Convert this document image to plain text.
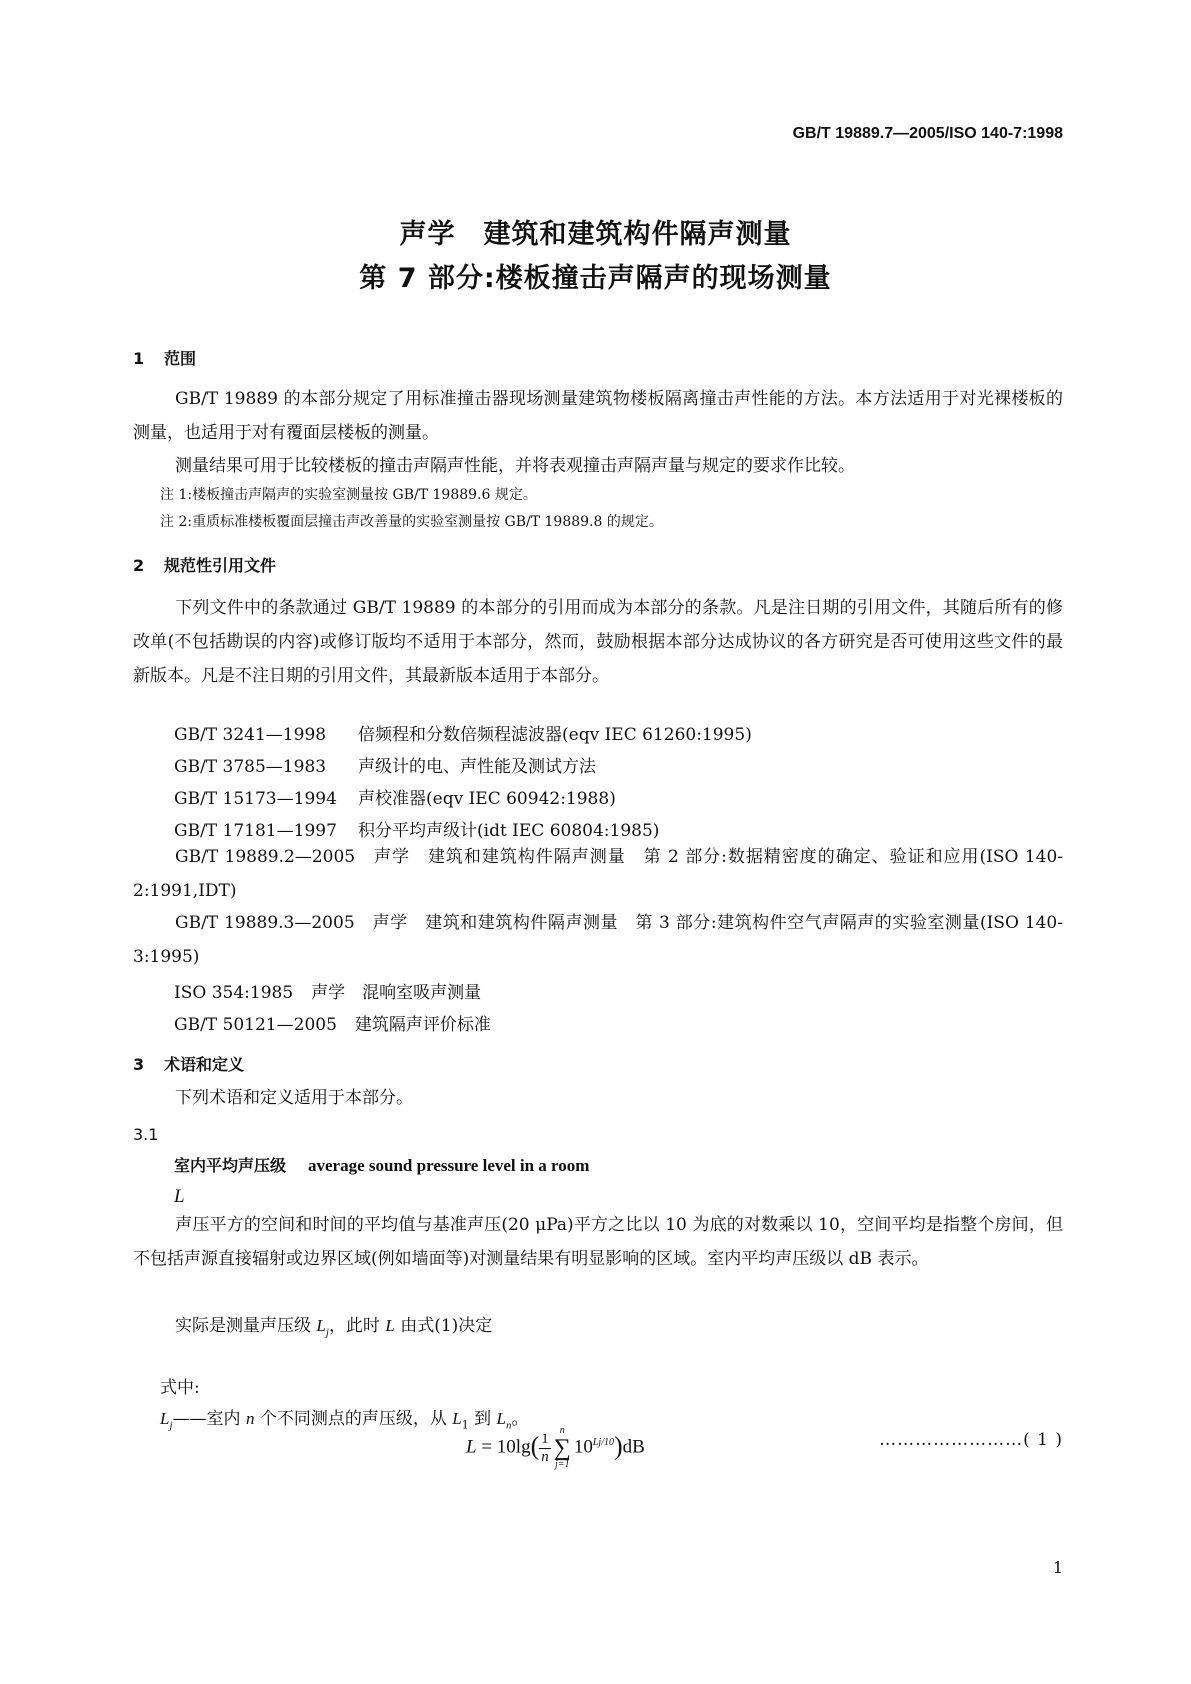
GB/T 19889.7—2005/ISO 140-7:1998
声学　建筑和建筑构件隔声测量
第 7 部分:楼板撞击声隔声的现场测量
1 范围
GB/T 19889 的本部分规定了用标准撞击器现场测量建筑物楼板隔离撞击声性能的方法。本方法适用于对光裸楼板的测量，也适用于对有覆面层楼板的测量。
测量结果可用于比较楼板的撞击声隔声性能，并将表观撞击声隔声量与规定的要求作比较。
注 1:楼板撞击声隔声的实验室测量按 GB/T 19889.6 规定。
注 2:重质标准楼板覆面层撞击声改善量的实验室测量按 GB/T 19889.8 的规定。
2 规范性引用文件
下列文件中的条款通过 GB/T 19889 的本部分的引用而成为本部分的条款。凡是注日期的引用文件，其随后所有的修改单(不包括勘误的内容)或修订版均不适用于本部分，然而，鼓励根据本部分达成协议的各方研究是否可使用这些文件的最新版本。凡是不注日期的引用文件，其最新版本适用于本部分。
GB/T 3241—1998 倍频程和分数倍频程滤波器(eqv IEC 61260:1995)
GB/T 3785—1983 声级计的电、声性能及测试方法
GB/T 15173—1994 声校准器(eqv IEC 60942:1988)
GB/T 17181—1997 积分平均声级计(idt IEC 60804:1985)
GB/T 19889.2—2005　声学　建筑和建筑构件隔声测量　第 2 部分:数据精密度的确定、验证和应用(ISO 140-2:1991,IDT)
GB/T 19889.3—2005　声学　建筑和建筑构件隔声测量　第 3 部分:建筑构件空气声隔声的实验室测量(ISO 140-3:1995)
ISO 354:1985 声学　混响室吸声测量
GB/T 50121—2005 建筑隔声评价标准
3 术语和定义
下列术语和定义适用于本部分。
3.1
室内平均声压级 average sound pressure level in a room
L
声压平方的空间和时间的平均值与基准声压(20 μPa)平方之比以 10 为底的对数乘以 10，空间平均是指整个房间，但不包括声源直接辐射或边界区域(例如墙面等)对测量结果有明显影响的区域。室内平均声压级以 dB 表示。
实际是测量声压级 $L_j$，此时 L 由式(1)决定
$L = 10\lg( \frac{1}{n}$ n
∑
j=1
$10^{Lj/10})dB$	……………………( 1 )
式中:
$L_j——$室内 n 个不同测点的声压级，从 $L_1$ 到 $L_n$。
1
